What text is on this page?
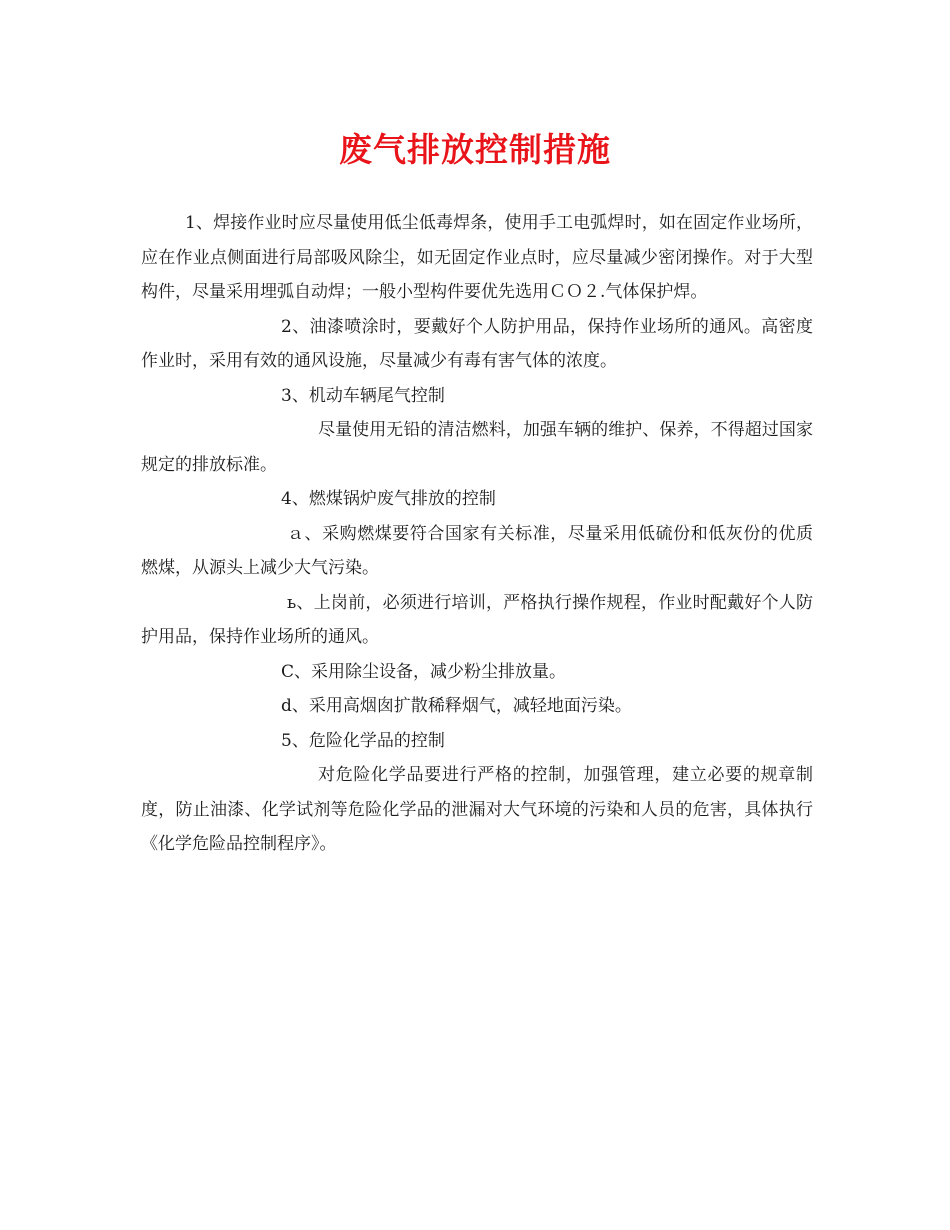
废气排放控制措施

1、焊接作业时应尽量使用低尘低毒焊条，使用手工电弧焊时，如在固定作业场所，应在作业点侧面进行局部吸风除尘，如无固定作业点时，应尽量减少密闭操作。对于大型构件，尽量采用埋弧自动焊；一般小型构件要优先选用ＣＯ２.气体保护焊。

2、油漆喷涂时，要戴好个人防护用品，保持作业场所的通风。高密度作业时，采用有效的通风设施，尽量减少有毒有害气体的浓度。

3、机动车辆尾气控制

尽量使用无铅的清洁燃料，加强车辆的维护、保养，不得超过国家规定的排放标准。

4、燃煤锅炉废气排放的控制

ａ、采购燃煤要符合国家有关标准，尽量采用低硫份和低灰份的优质燃煤，从源头上减少大气污染。

ь、上岗前，必须进行培训，严格执行操作规程，作业时配戴好个人防护用品，保持作业场所的通风。

C、采用除尘设备，减少粉尘排放量。

d、采用高烟囱扩散稀释烟气，减轻地面污染。

5、危险化学品的控制

对危险化学品要进行严格的控制，加强管理，建立必要的规章制度，防止油漆、化学试剂等危险化学品的泄漏对大气环境的污染和人员的危害，具体执行《化学危险品控制程序》。
